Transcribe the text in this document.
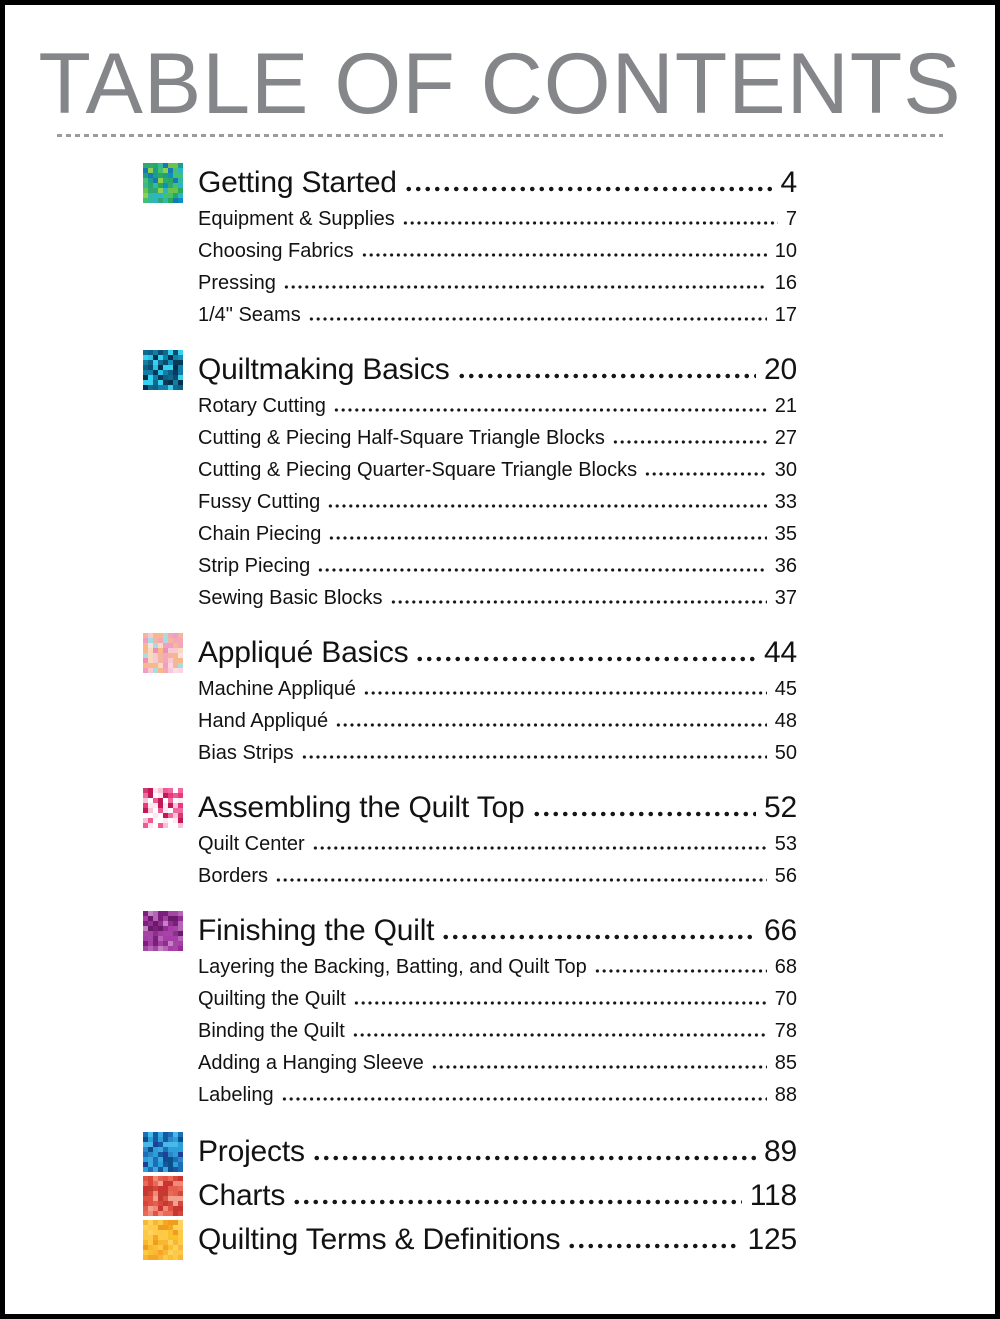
TABLE OF CONTENTS
Getting Started	4
Equipment & Supplies	7
Choosing Fabrics	10
Pressing	16
1/4" Seams	17
Quiltmaking Basics	20
Rotary Cutting	21
Cutting & Piecing Half-Square Triangle Blocks	27
Cutting & Piecing Quarter-Square Triangle Blocks	30
Fussy Cutting	33
Chain Piecing	35
Strip Piecing	36
Sewing Basic Blocks	37
Appliqué Basics	44
Machine Appliqué	45
Hand Appliqué	48
Bias Strips	50
Assembling the Quilt Top	52
Quilt Center	53
Borders	56
Finishing the Quilt	66
Layering the Backing, Batting, and Quilt Top	68
Quilting the Quilt	70
Binding the Quilt	78
Adding a Hanging Sleeve	85
Labeling	88
Projects	89
Charts	118
Quilting Terms & Definitions	125
